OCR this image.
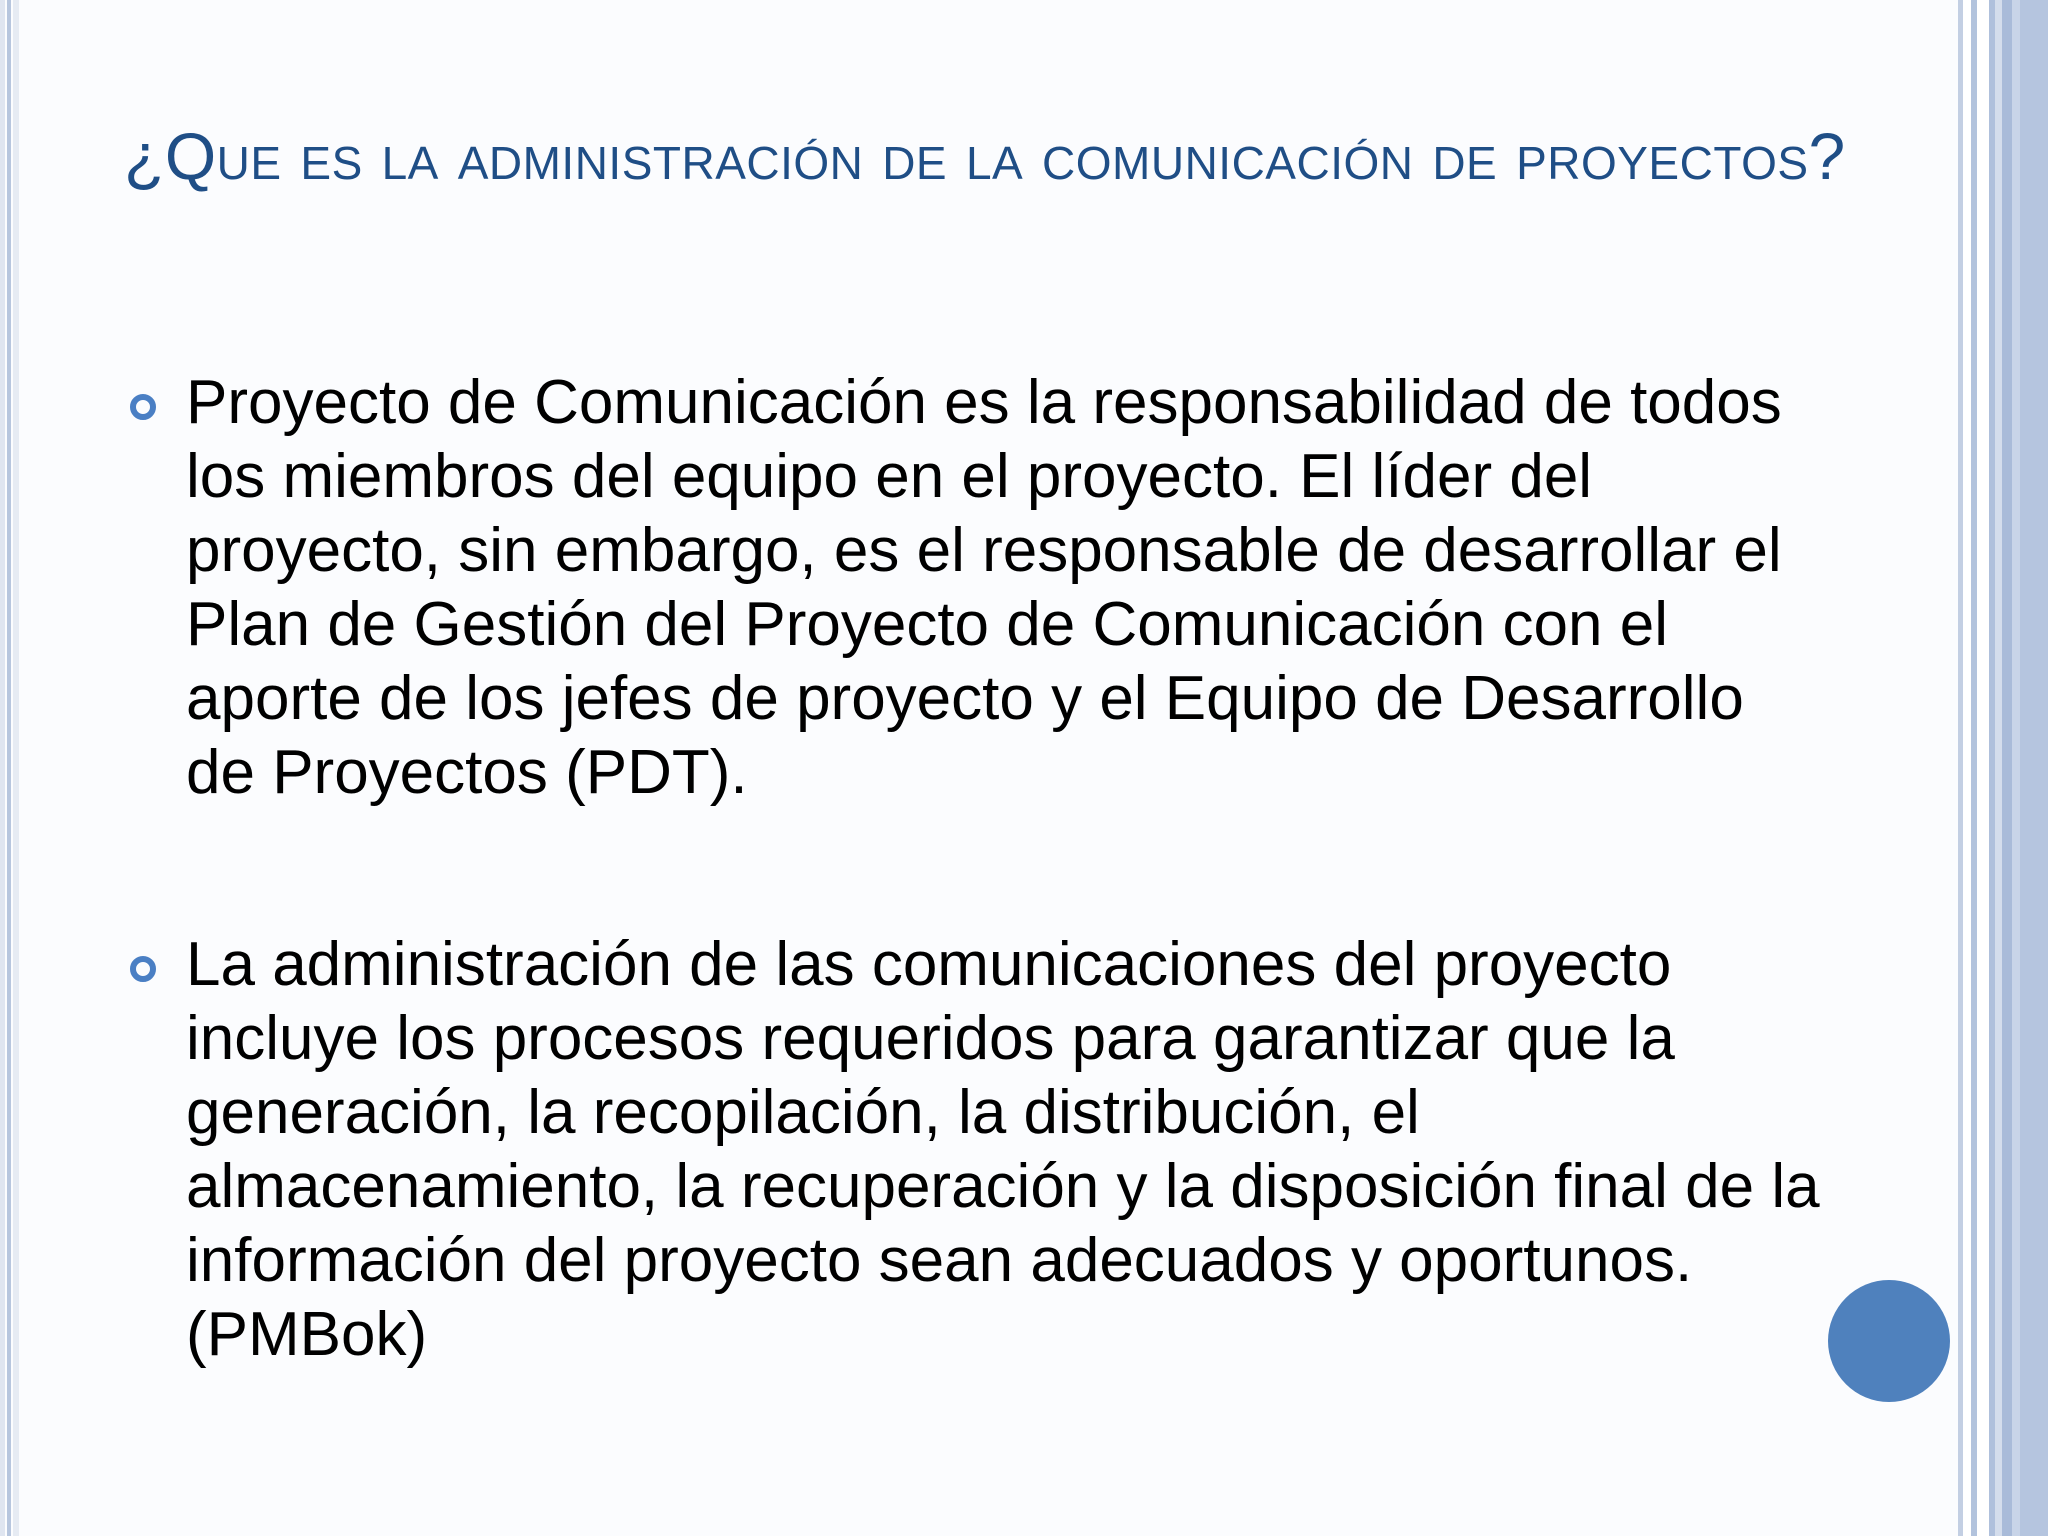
¿Que es la administración de la comunicación de proyectos?
Proyecto de Comunicación es la responsabilidad de todos los miembros del equipo en el proyecto. El líder del proyecto, sin embargo, es el responsable de desarrollar el Plan de Gestión del Proyecto de Comunicación con el aporte de los jefes de proyecto y el Equipo de Desarrollo de Proyectos (PDT).
La administración de las comunicaciones del proyecto incluye los procesos requeridos para garantizar que la generación, la recopilación, la distribución, el almacenamiento, la recuperación y la disposición final de la información del proyecto sean adecuados y oportunos. (PMBok)
